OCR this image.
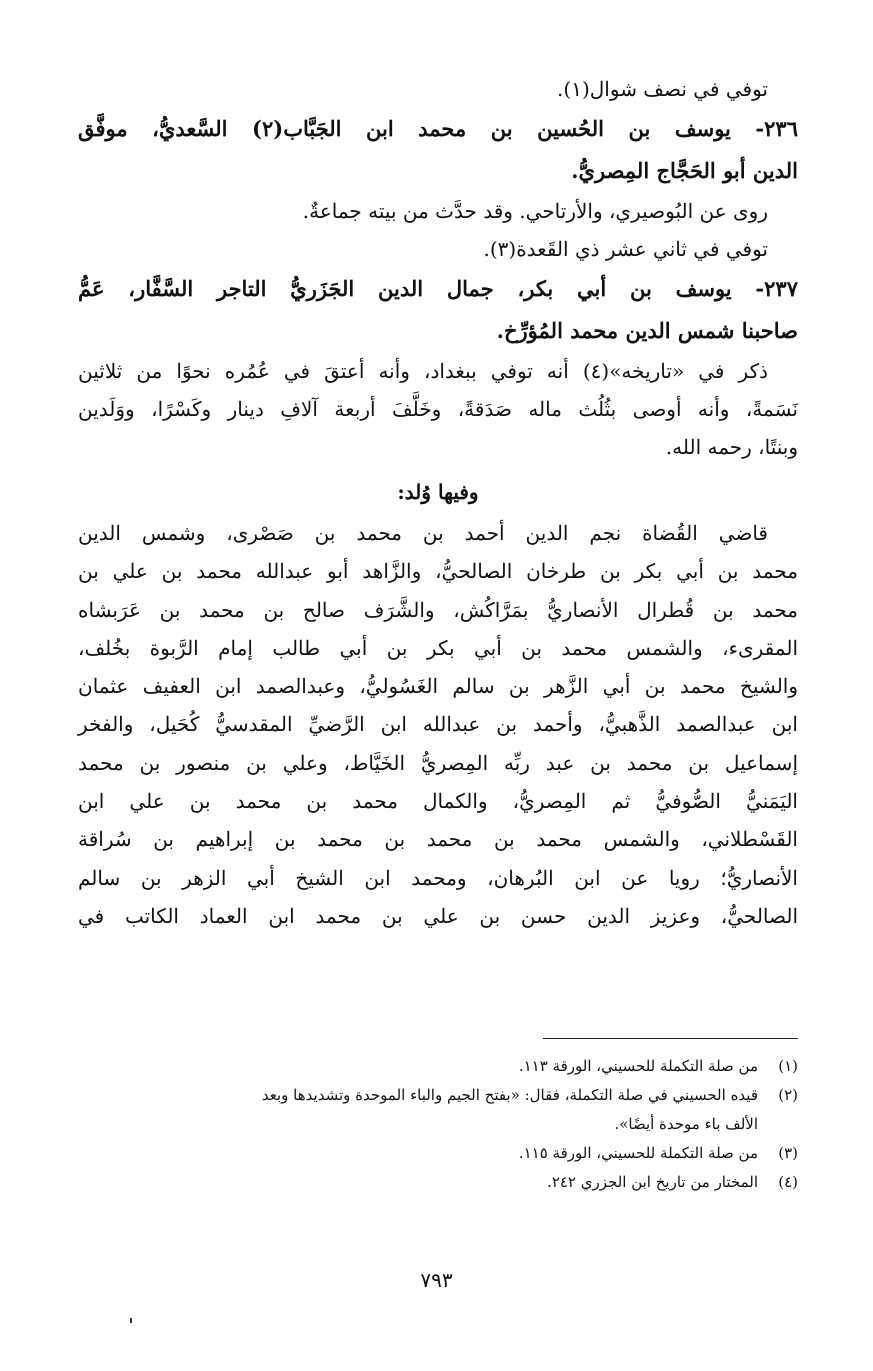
توفي في نصف شوال(١).
٢٣٦- يوسف بن الحُسين بن محمد ابن الجَبَّاب(٢) السَّعديُّ، موفَّق
الدين أبو الحَجَّاج المِصريُّ.
روى عن البُوصيري، والأرتاحي. وقد حدَّث من بيته جماعةٌ.
توفي في ثاني عشر ذي القَعدة(٣).
٢٣٧- يوسف بن أبي بكر، جمال الدين الجَزَريُّ التاجر السَّفَّار، عَمُّ
صاحبنا شمس الدين محمد المُؤرِّخ.
ذكر في «تاريخه»(٤) أنه توفي ببغداد، وأنه أعتقَ في عُمُره نحوًا من ثلاثين
نَسَمةً، وأنه أوصى بثُلُث ماله صَدَقةً، وخَلَّفَ أربعة آلافِ دينار وكَسْرًا، ووَلَدين
وبنتًا، رحمه الله.
وفيها وُلد:
قاضي القُضاة نجم الدين أحمد بن محمد بن صَصْرى، وشمس الدين
محمد بن أبي بكر بن طرخان الصالحيُّ، والزَّاهد أبو عبدالله محمد بن علي بن
محمد بن قُطرال الأنصاريُّ بمَرَّاكُش، والشَّرَف صالح بن محمد بن عَرَبشاه
المقرىء، والشمس محمد بن أبي بكر بن أبي طالب إمام الرَّبوة بخُلف،
والشيخ محمد بن أبي الزَّهر بن سالم الغَسُوليُّ، وعبدالصمد ابن العفيف عثمان
ابن عبدالصمد الذَّهبيُّ، وأحمد بن عبدالله ابن الرَّضيِّ المقدسيُّ كُحَيل، والفخر
إسماعيل بن محمد بن عبد ربِّه المِصريُّ الخَيَّاط، وعلي بن منصور بن محمد
اليَمَنيُّ الصُّوفيُّ ثم المِصريُّ، والكمال محمد بن محمد بن علي ابن
القَسْطلاني، والشمس محمد بن محمد بن محمد بن إبراهيم بن سُراقة
الأنصاريُّ؛ رويا عن ابن البُرهان، ومحمد ابن الشيخ أبي الزهر بن سالم
الصالحيُّ، وعزيز الدين حسن بن علي بن محمد ابن العماد الكاتب في
(١)
من صلة التكملة للحسيني، الورقة ١١٣.
(٢)
قيده الحسيني في صلة التكملة، فقال: «بفتح الجيم والباء الموحدة وتشديدها وبعد
الألف باء موحدة أيضًا».
(٣)
من صلة التكملة للحسيني، الورقة ١١٥.
(٤)
المختار من تاريخ ابن الجزري ٢٤٢.
٧٩٣
